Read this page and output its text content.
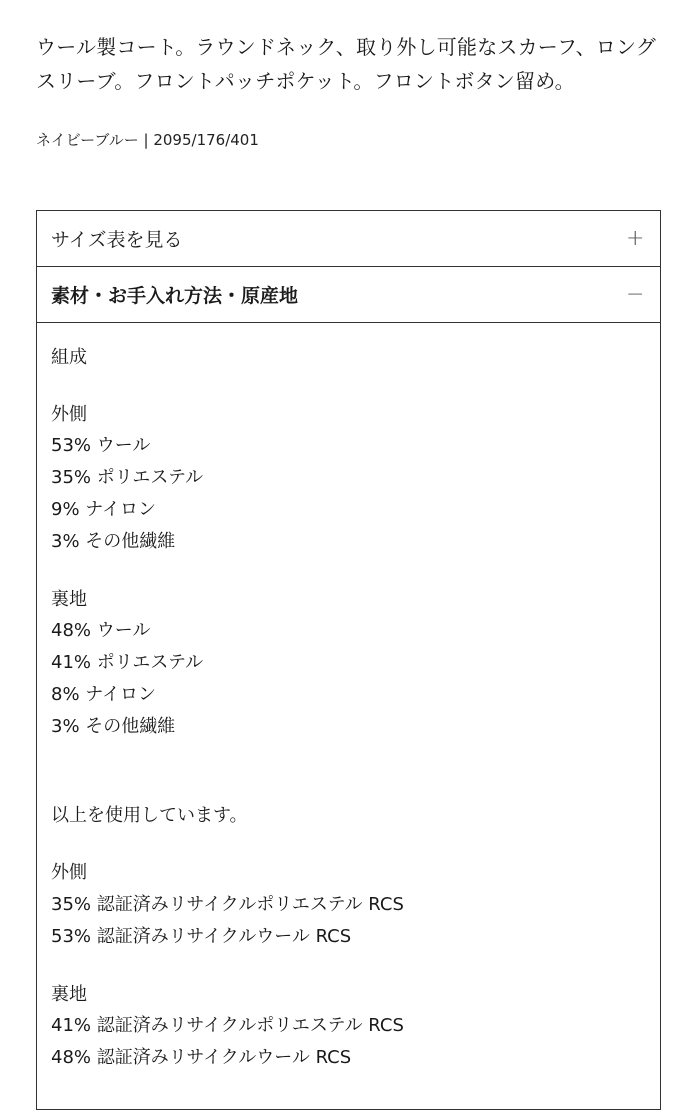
ウール製コート。ラウンドネック、取り外し可能なスカーフ、ロング
スリーブ。フロントパッチポケット。フロントボタン留め。

ネイビーブルー | 2095/176/401
サイズ表を見る	+
素材・お手入れ方法・原産地	−
組成
外側
53% ウール
35% ポリエステル
9% ナイロン
3% その他繊維
裏地
48% ウール
41% ポリエステル
8% ナイロン
3% その他繊維
以上を使用しています。
外側
35% 認証済みリサイクルポリエステル RCS
53% 認証済みリサイクルウール RCS
裏地
41% 認証済みリサイクルポリエステル RCS
48% 認証済みリサイクルウール RCS
